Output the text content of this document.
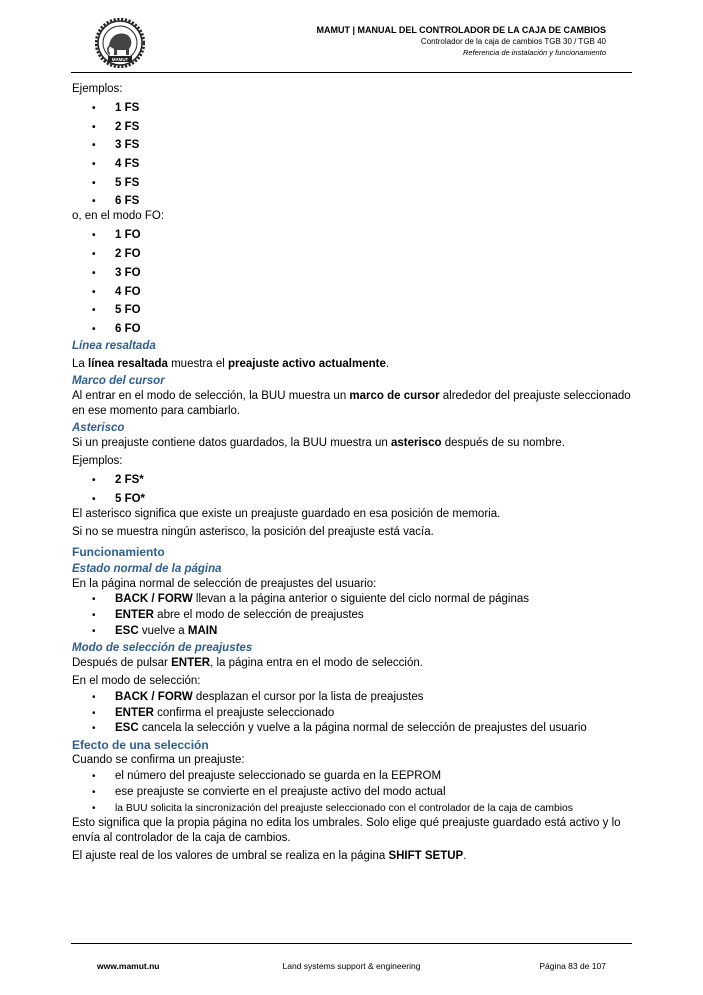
MAMUT
MAMUT | MANUAL DEL CONTROLADOR DE LA CAJA DE CAMBIOS
Controlador de la caja de cambios TGB 30 / TGB 40
Referencia de instalación y funcionamiento

Ejemplos:

• 1 FS
• 2 FS
• 3 FS
• 4 FS
• 5 FS
• 6 FS

o, en el modo FO:

• 1 FO
• 2 FO
• 3 FO
• 4 FO
• 5 FO
• 6 FO
Línea resaltada

La línea resaltada muestra el preajuste activo actualmente.

Marco del cursor

Al entrar en el modo de selección, la BUU muestra un marco de cursor alrededor del preajuste seleccionado en ese momento para cambiarlo.

Asterisco

Si un preajuste contiene datos guardados, la BUU muestra un asterisco después de su nombre.

Ejemplos:

• 2 FS*
• 5 FO*

El asterisco significa que existe un preajuste guardado en esa posición de memoria.

Si no se muestra ningún asterisco, la posición del preajuste está vacía.

Funcionamiento
Estado normal de la página

En la página normal de selección de preajustes del usuario:

• BACK / FORW llevan a la página anterior o siguiente del ciclo normal de páginas
• ENTER abre el modo de selección de preajustes
• ESC vuelve a MAIN
Modo de selección de preajustes

Después de pulsar ENTER, la página entra en el modo de selección.

En el modo de selección:

• BACK / FORW desplazan el cursor por la lista de preajustes
• ENTER confirma el preajuste seleccionado
• ESC cancela la selección y vuelve a la página normal de selección de preajustes del usuario
Efecto de una selección

Cuando se confirma un preajuste:

• el número del preajuste seleccionado se guarda en la EEPROM
• ese preajuste se convierte en el preajuste activo del modo actual
• la BUU solicita la sincronización del preajuste seleccionado con el controlador de la caja de cambios

Esto significa que la propia página no edita los umbrales. Solo elige qué preajuste guardado está activo y lo envía al controlador de la caja de cambios.

El ajuste real de los valores de umbral se realiza en la página SHIFT SETUP.

www.mamut.nu	Land systems support & engineering	Página 83 de 107
